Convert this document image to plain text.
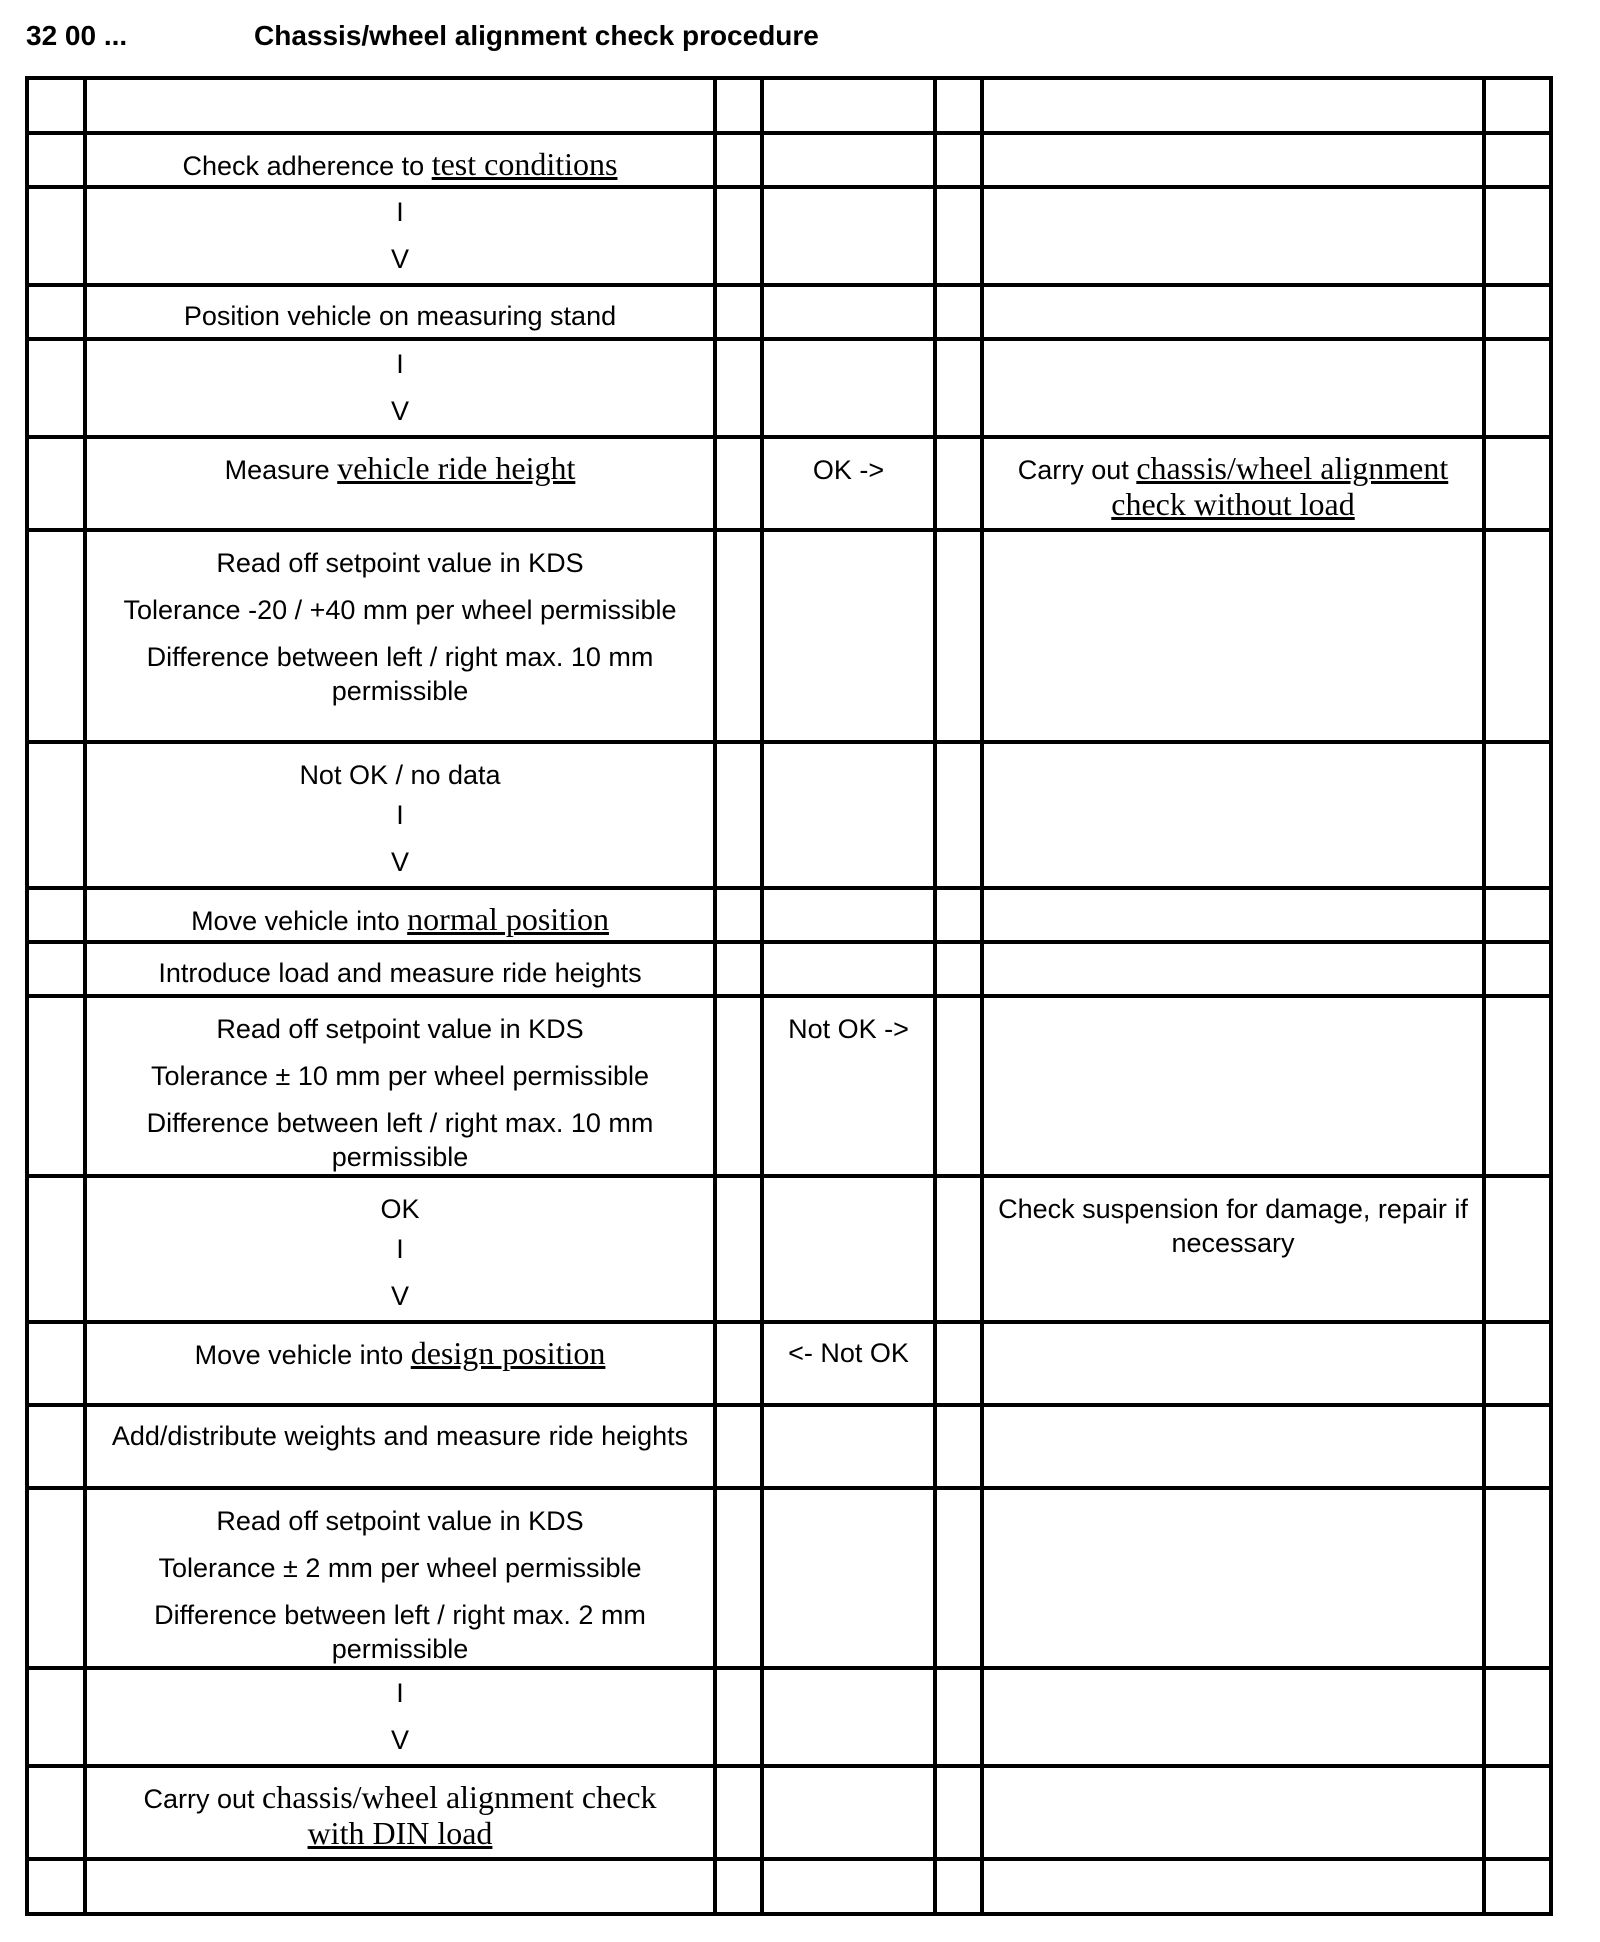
32 00 ...	Chassis/wheel alignment check procedure

	Check adherence to test conditions					

	I
V					

	Position vehicle on measuring stand					

	I
V					

	Measure vehicle ride height		OK ->		Carry out chassis/wheel alignment check without load	

	Read off setpoint value in KDS
Tolerance -20 / +40 mm per wheel permissible
Difference between left / right max. 10 mm permissible					

	Not OK / no data
I
V					

	Move vehicle into normal position					
	Introduce load and measure ride heights					

	Read off setpoint value in KDS
Tolerance ± 10 mm per wheel permissible
Difference between left / right max. 10 mm permissible		Not OK ->			

	OK
I
V				Check suspension for damage, repair if necessary	
	Move vehicle into design position		<- Not OK			
	Add/distribute weights and measure ride heights					

	Read off setpoint value in KDS
Tolerance ± 2 mm per wheel permissible
Difference between left / right max. 2 mm permissible					

	I
V					

	Carry out chassis/wheel alignment check
with DIN load					
